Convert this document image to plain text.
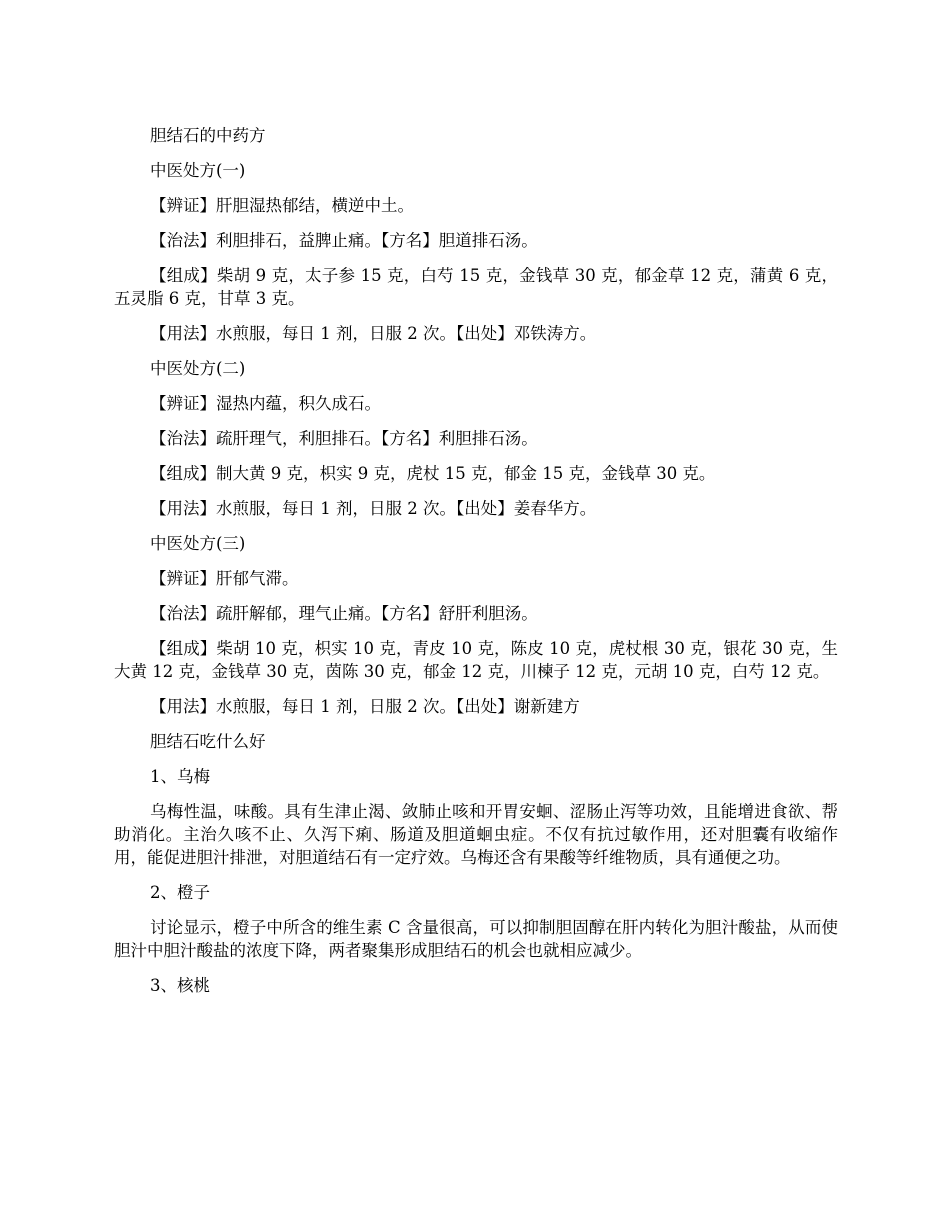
胆结石的中药方

中医处方(一)

【辨证】肝胆湿热郁结，横逆中土。

【治法】利胆排石，益脾止痛。【方名】胆道排石汤。

【组成】柴胡 9 克，太子参 15 克，白芍 15 克，金钱草 30 克，郁金草 12 克，蒲黄 6 克，五灵脂 6 克，甘草 3 克。

【用法】水煎服，每日 1 剂，日服 2 次。【出处】邓铁涛方。

中医处方(二)

【辨证】湿热内蕴，积久成石。

【治法】疏肝理气，利胆排石。【方名】利胆排石汤。

【组成】制大黄 9 克，枳实 9 克，虎杖 15 克，郁金 15 克，金钱草 30 克。

【用法】水煎服，每日 1 剂，日服 2 次。【出处】姜春华方。

中医处方(三)

【辨证】肝郁气滞。

【治法】疏肝解郁，理气止痛。【方名】舒肝利胆汤。

【组成】柴胡 10 克，枳实 10 克，青皮 10 克，陈皮 10 克，虎杖根 30 克，银花 30 克，生大黄 12 克，金钱草 30 克，茵陈 30 克，郁金 12 克，川楝子 12 克，元胡 10 克，白芍 12 克。

【用法】水煎服，每日 1 剂，日服 2 次。【出处】谢新建方

胆结石吃什么好

1、乌梅

乌梅性温，味酸。具有生津止渴、敛肺止咳和开胃安蛔、涩肠止泻等功效，且能增进食欲、帮助消化。主治久咳不止、久泻下痢、肠道及胆道蛔虫症。不仅有抗过敏作用，还对胆囊有收缩作用，能促进胆汁排泄，对胆道结石有一定疗效。乌梅还含有果酸等纤维物质，具有通便之功。

2、橙子

讨论显示，橙子中所含的维生素 C 含量很高，可以抑制胆固醇在肝内转化为胆汁酸盐，从而使胆汁中胆汁酸盐的浓度下降，两者聚集形成胆结石的机会也就相应减少。

3、核桃
